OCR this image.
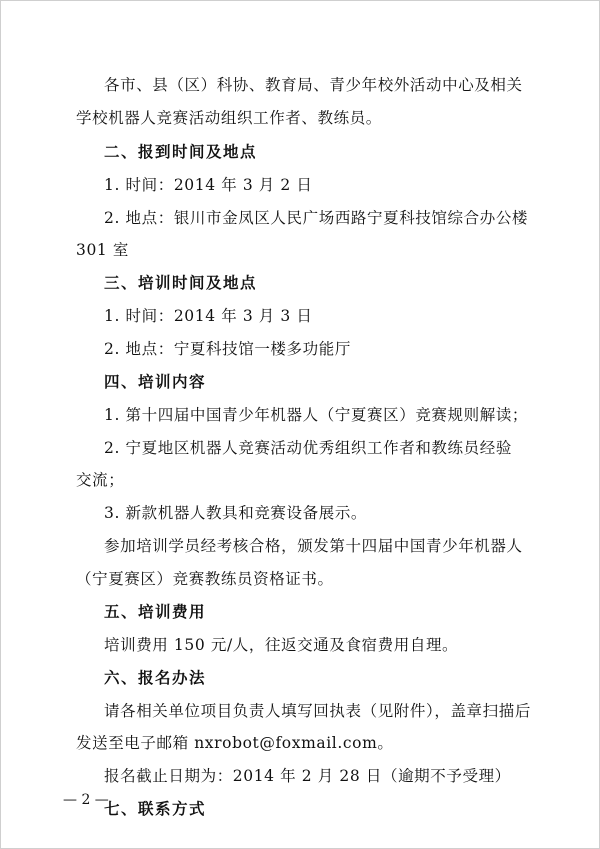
各市、县（区）科协、教育局、青少年校外活动中心及相关
学校机器人竞赛活动组织工作者、教练员。
二、报到时间及地点
1. 时间：2014 年 3 月 2 日
2. 地点：银川市金凤区人民广场西路宁夏科技馆综合办公楼
301 室
三、培训时间及地点
1. 时间：2014 年 3 月 3 日
2. 地点：宁夏科技馆一楼多功能厅
四、培训内容
1. 第十四届中国青少年机器人（宁夏赛区）竞赛规则解读；
2. 宁夏地区机器人竞赛活动优秀组织工作者和教练员经验
交流；
3. 新款机器人教具和竞赛设备展示。
参加培训学员经考核合格，颁发第十四届中国青少年机器人
（宁夏赛区）竞赛教练员资格证书。
五、培训费用
培训费用 150 元/人，往返交通及食宿费用自理。
六、报名办法
请各相关单位项目负责人填写回执表（见附件），盖章扫描后
发送至电子邮箱 nxrobot@foxmail.com。
报名截止日期为：2014 年 2 月 28 日（逾期不予受理）
七、联系方式
— 2 —
